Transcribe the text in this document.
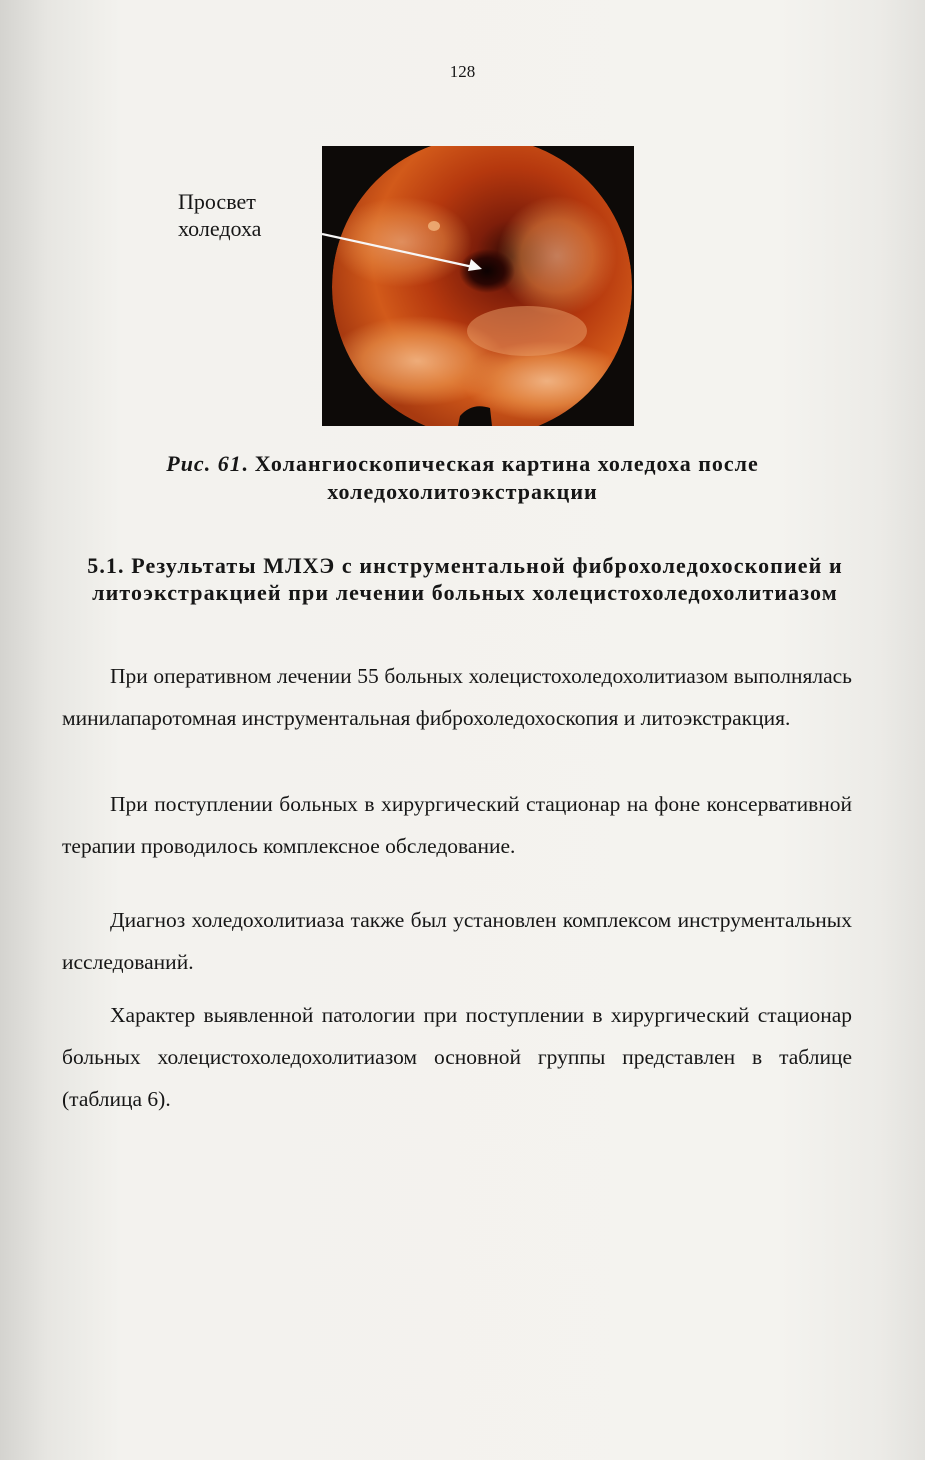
128
Просвет
холедоха
Рис. 61. Холангиоскопическая картина холедоха после холедохолитоэкстракции
5.1. Результаты МЛХЭ с инструментальной фиброхоледохоскопией и литоэкстракцией при лечении больных холецистохоледохолитиазом

При оперативном лечении 55 больных холецистохоледохолитиазом выполнялась минилапаротомная инструментальная фиброхоледохоскопия и литоэкстракция.

При поступлении больных в хирургический стационар на фоне консервативной терапии проводилось комплексное обследование.

Диагноз холедохолитиаза также был установлен комплексом инструментальных исследований.

Характер выявленной патологии при поступлении в хирургический стационар больных холецистохоледохолитиазом основной группы представлен в таблице (таблица 6).
